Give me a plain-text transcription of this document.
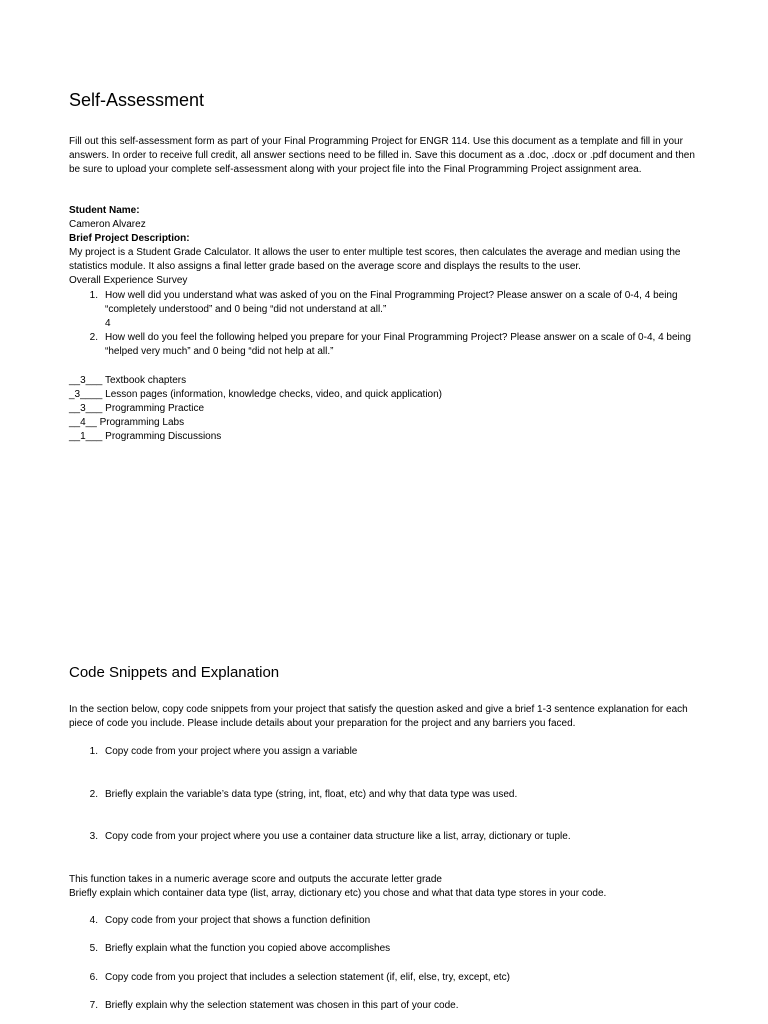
Self-Assessment

Fill out this self-assessment form as part of your Final Programming Project for ENGR 114. Use this document as a template and fill in your answers. In order to receive full credit, all answer sections need to be filled in. Save this document as a .doc, .docx or .pdf document and then be sure to upload your complete self-assessment along with your project file into the Final Programming Project assignment area.

Student Name:

Cameron Alvarez

Brief Project Description:

My project is a Student Grade Calculator. It allows the user to enter multiple test scores, then calculates the average and median using the statistics module. It also assigns a final letter grade based on the average score and displays the results to the user.

Overall Experience Survey

1. How well did you understand what was asked of you on the Final Programming Project? Please answer on a scale of 0-4, 4 being “completely understood” and 0 being “did not understand at all.”
4
2. How well do you feel the following helped you prepare for your Final Programming Project? Please answer on a scale of 0-4, 4 being “helped very much” and 0 being “did not help at all.”
__3___ Textbook chapters
_3____ Lesson pages (information, knowledge checks, video, and quick application)
__3___ Programming Practice
__4__ Programming Labs
__1___ Programming Discussions
Code Snippets and Explanation

In the section below, copy code snippets from your project that satisfy the question asked and give a brief 1-3 sentence explanation for each piece of code you include. Please include details about your preparation for the project and any barriers you faced.

1. Copy code from your project where you assign a variable
2. Briefly explain the variable’s data type (string, int, float, etc) and why that data type was used.
3. Copy code from your project where you use a container data structure like a list, array, dictionary or tuple.

This function takes in a numeric average score and outputs the accurate letter grade

Briefly explain which container data type (list, array, dictionary etc) you chose and what that data type stores in your code.

4. Copy code from your project that shows a function definition
5. Briefly explain what the function you copied above accomplishes
6. Copy code from you project that includes a selection statement (if, elif, else, try, except, etc)
7. Briefly explain why the selection statement was chosen in this part of your code.
